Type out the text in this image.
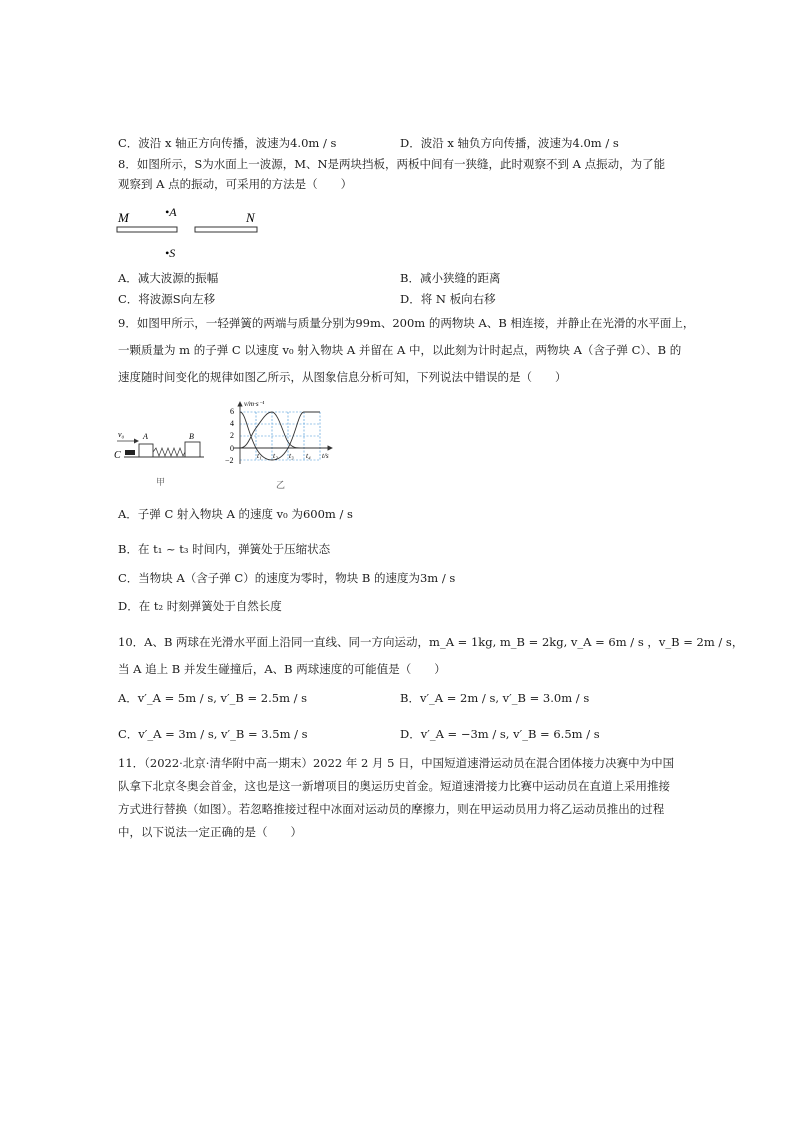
C．波沿 x 轴正方向传播，波速为4.0m / s	D．波沿 x 轴负方向传播，波速为4.0m / s
8．如图所示，S为水面上一波源，M、N是两块挡板，两板中间有一狭缝，此时观察不到 A 点振动，为了能
观察到 A 点的振动，可采用的方法是（　　）
M	•A	N
•S
A．减大波源的振幅	B．减小狭缝的距离
C．将波源S向左移	D．将 N 板向右移
9．如图甲所示，一轻弹簧的两端与质量分别为99m、200m 的两物块 A、B 相连接，并静止在光滑的水平面上，
一颗质量为 m 的子弹 C 以速度 v₀ 射入物块 A 并留在 A 中，以此刻为计时起点，两物块 A（含子弹 C）、B 的
速度随时间变化的规律如图乙所示，从图象信息分析可知，下列说法中错误的是（　　）
v₀ A	B
C
甲
v/m·s⁻¹
6
4
2
0
−2
t₁ t₂ t₃ t₄ t/s
乙
A．子弹 C 射入物块 A 的速度 v₀ 为600m / s
B．在 t₁ ~ t₃ 时间内，弹簧处于压缩状态
C．当物块 A（含子弹 C）的速度为零时，物块 B 的速度为3m / s
D．在 t₂ 时刻弹簧处于自然长度
10．A、B 两球在光滑水平面上沿同一直线、同一方向运动，m_A = 1kg, m_B = 2kg, v_A = 6m / s ，v_B = 2m / s，
当 A 追上 B 并发生碰撞后，A、B 两球速度的可能值是（　　）
A．v′_A = 5m / s, v′_B = 2.5m / s	B．v′_A = 2m / s, v′_B = 3.0m / s
C．v′_A = 3m / s, v′_B = 3.5m / s	D．v′_A = −3m / s, v′_B = 6.5m / s
11．（2022·北京·清华附中高一期末）2022 年 2 月 5 日，中国短道速滑运动员在混合团体接力决赛中为中国
队拿下北京冬奥会首金，这也是这一新增项目的奥运历史首金。短道速滑接力比赛中运动员在直道上采用推接
方式进行替换（如图）。若忽略推接过程中冰面对运动员的摩擦力，则在甲运动员用力将乙运动员推出的过程
中，以下说法一定正确的是（　　）
